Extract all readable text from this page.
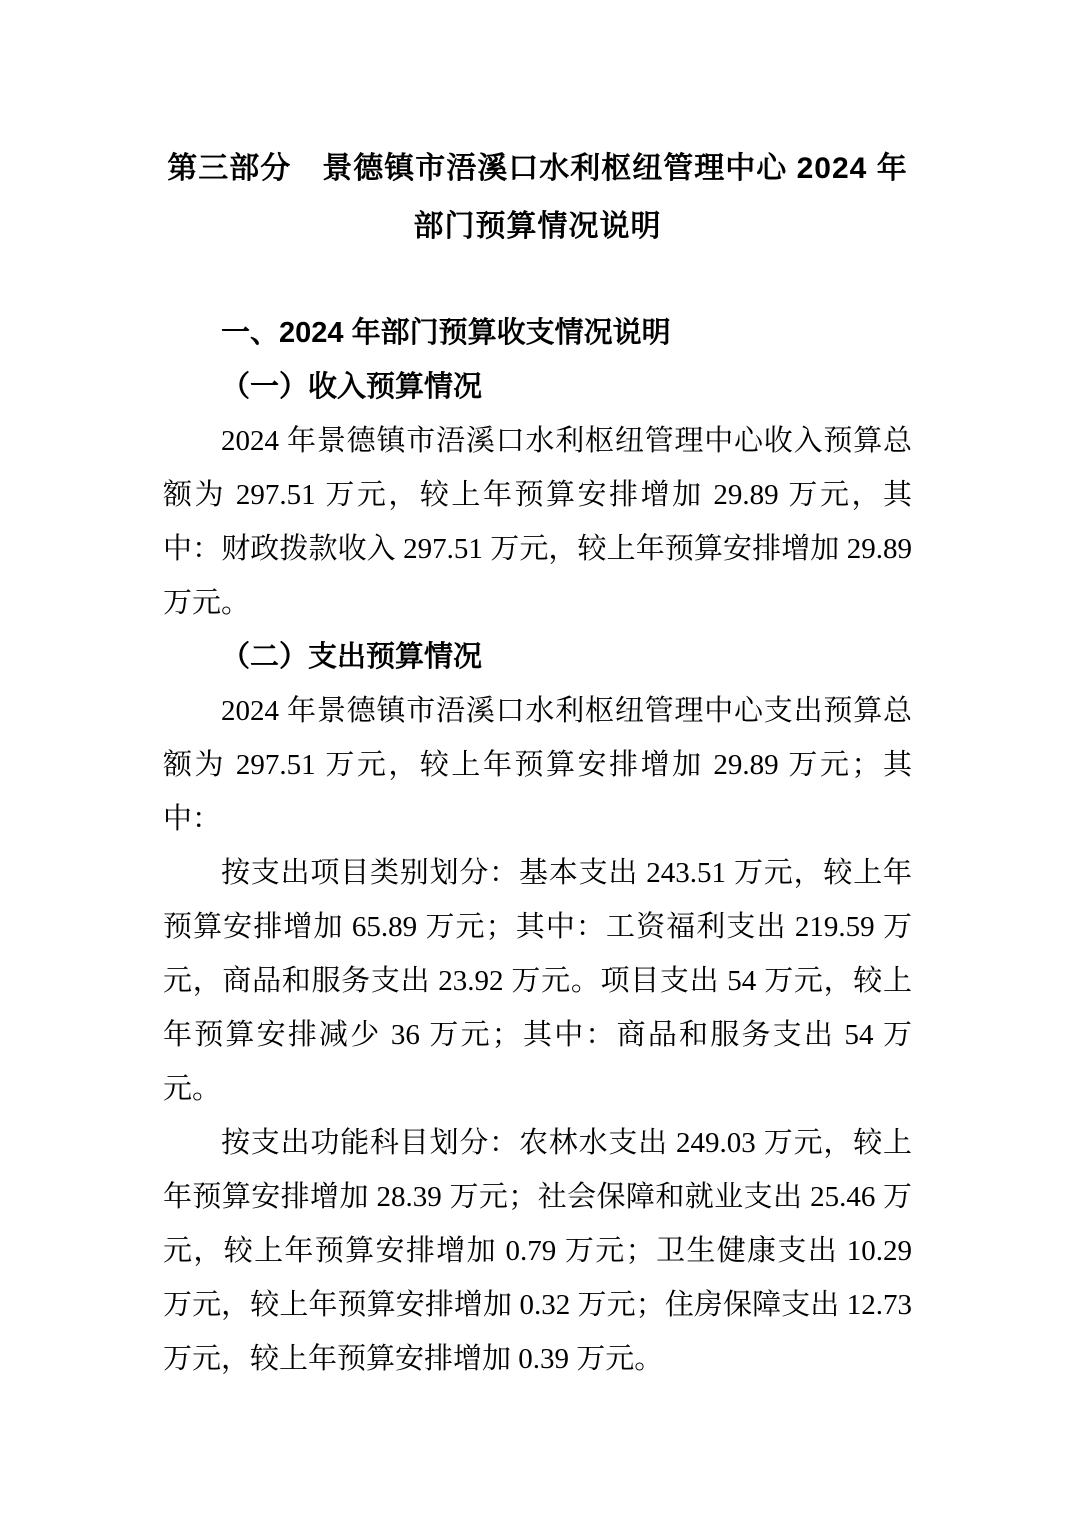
第三部分　景德镇市浯溪口水利枢纽管理中心 2024 年部门预算情况说明
一、2024 年部门预算收支情况说明
（一）收入预算情况

2024 年景德镇市浯溪口水利枢纽管理中心收入预算总额为 297.51 万元，较上年预算安排增加 29.89 万元，其中：财政拨款收入 297.51 万元，较上年预算安排增加 29.89 万元。

（二）支出预算情况

2024 年景德镇市浯溪口水利枢纽管理中心支出预算总额为 297.51 万元，较上年预算安排增加 29.89 万元；其中：

按支出项目类别划分：基本支出 243.51 万元，较上年预算安排增加 65.89 万元；其中：工资福利支出 219.59 万元，商品和服务支出 23.92 万元。项目支出 54 万元，较上年预算安排减少 36 万元；其中：商品和服务支出 54 万元。

按支出功能科目划分：农林水支出 249.03 万元，较上年预算安排增加 28.39 万元；社会保障和就业支出 25.46 万元，较上年预算安排增加 0.79 万元；卫生健康支出 10.29 万元，较上年预算安排增加 0.32 万元；住房保障支出 12.73 万元，较上年预算安排增加 0.39 万元。
